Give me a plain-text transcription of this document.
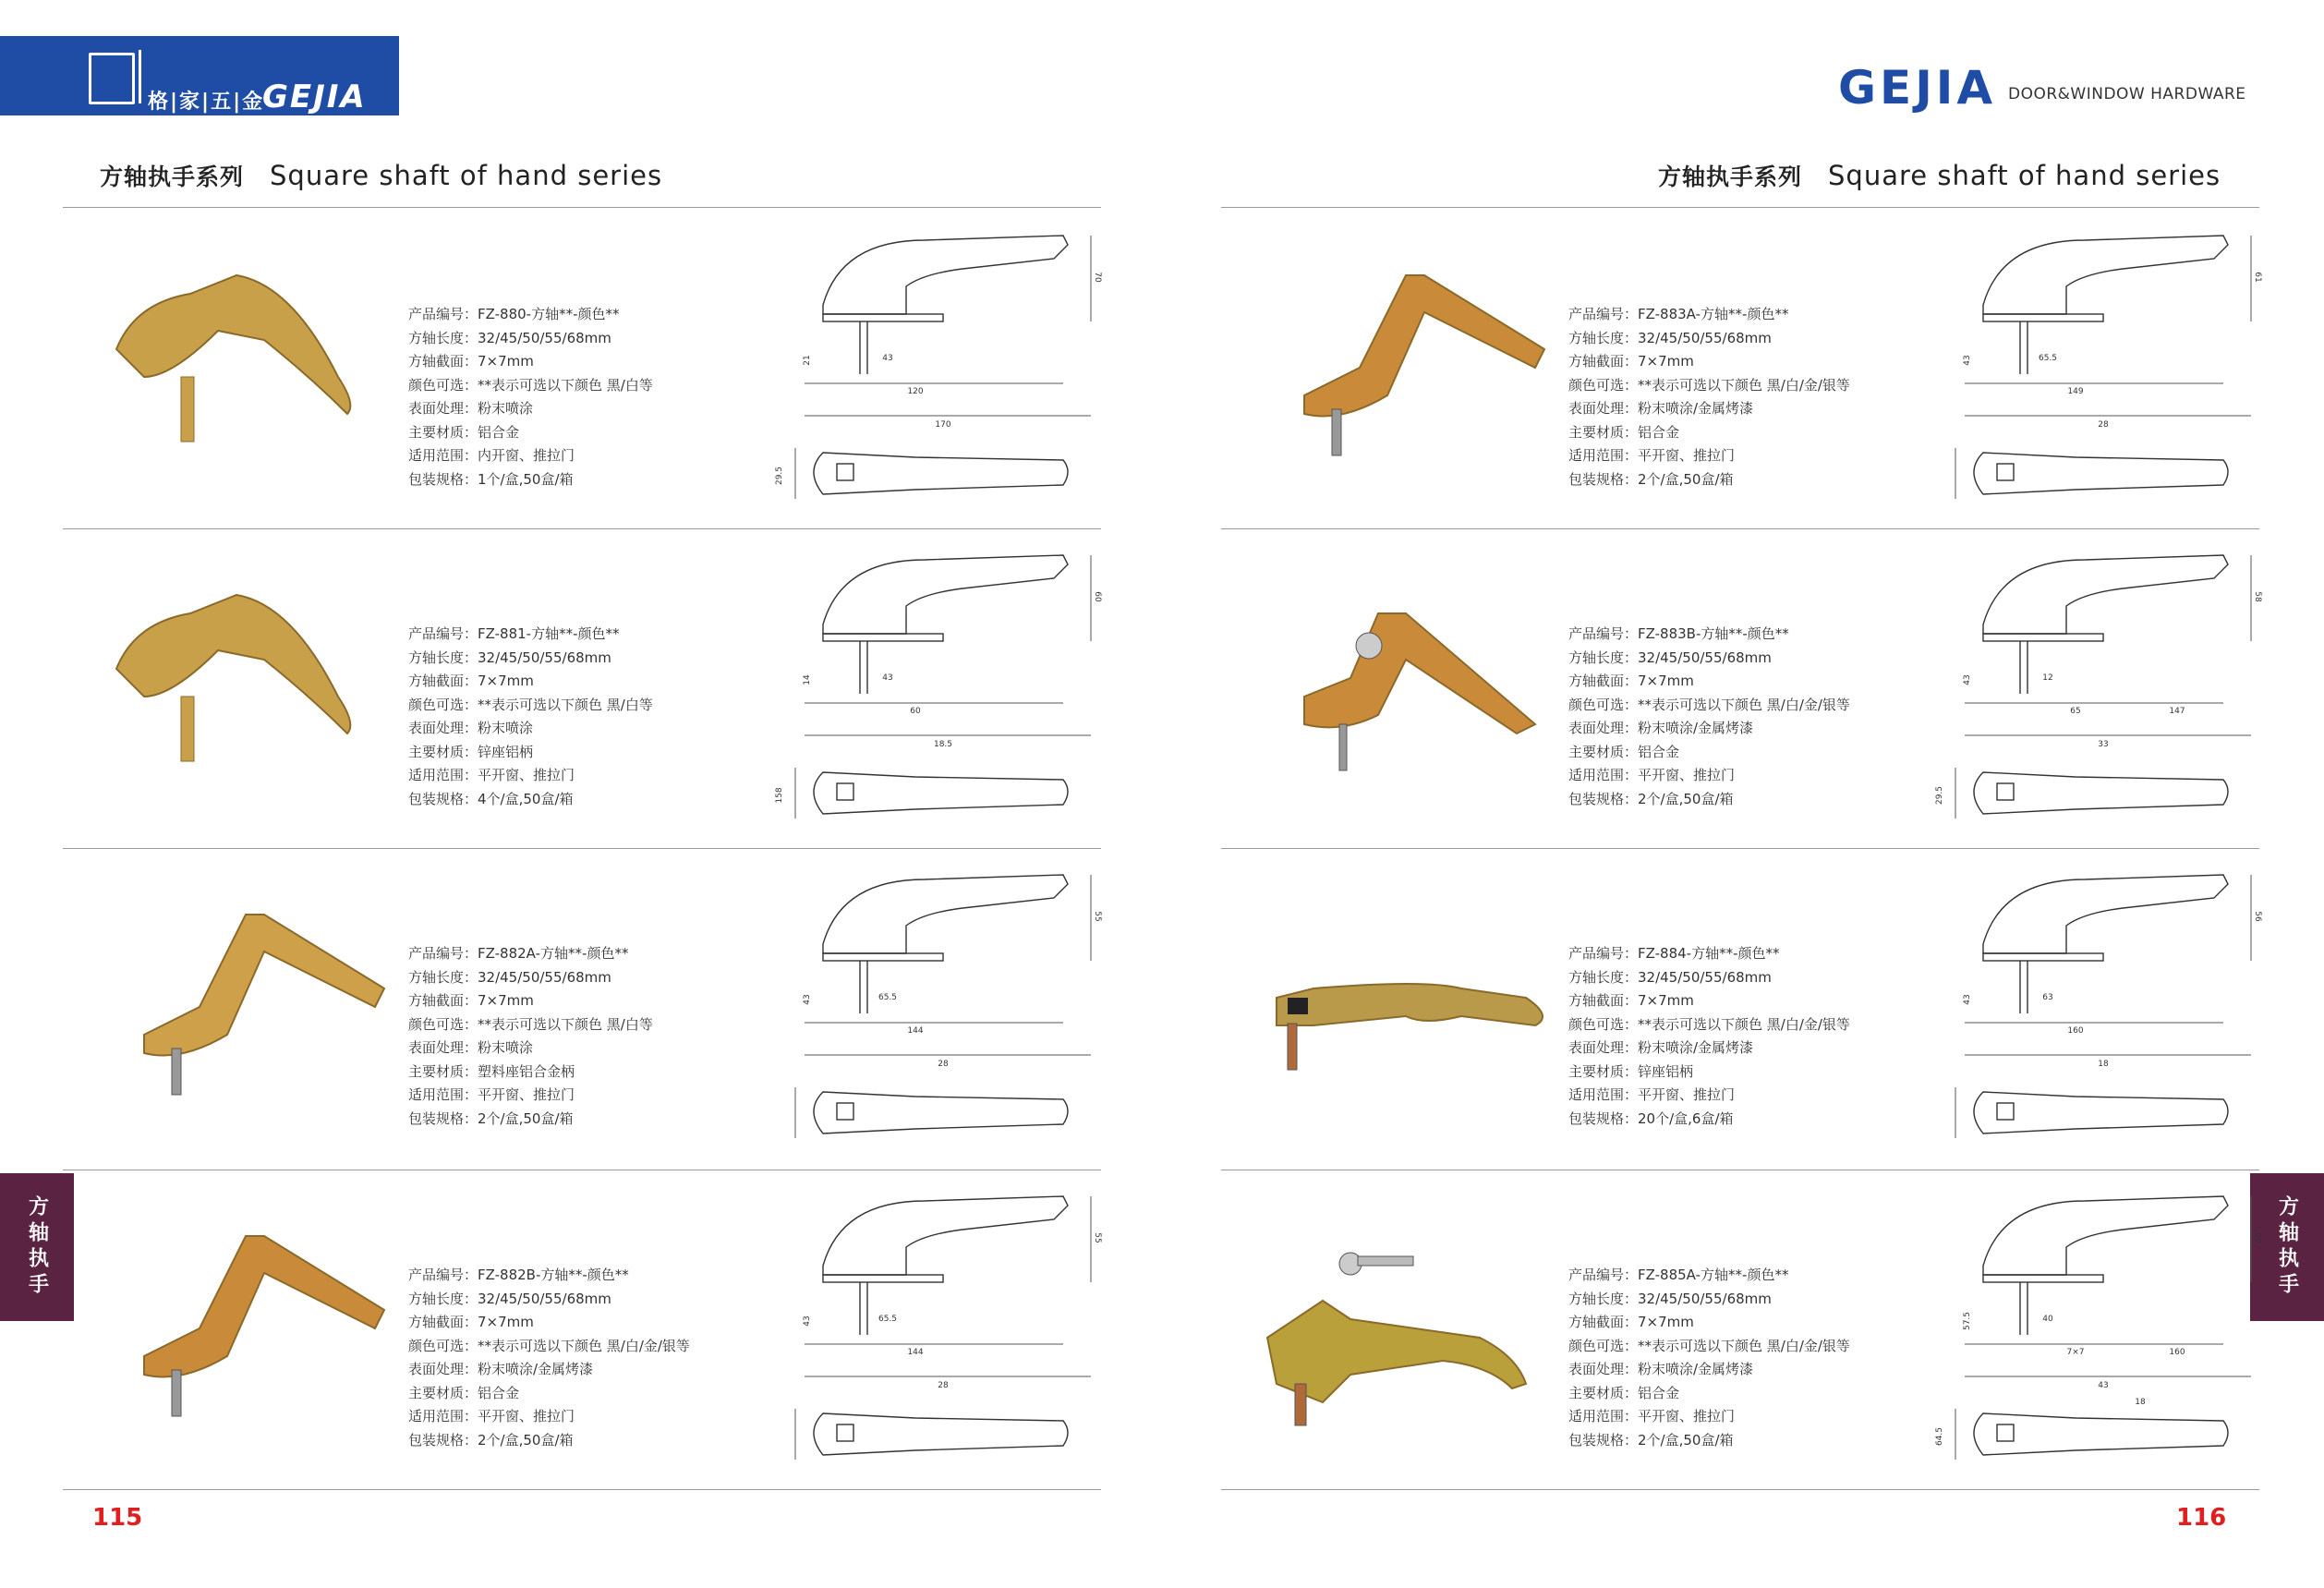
格|家|五|金
GEJIA	GEJIA DOOR&WINDOW HARDWARE
方轴执手系列 Square shaft of hand series	方轴执手系列 Square shaft of hand series
方轴执手	方轴执手
115	116
产品编号：FZ-880-方轴**-颜色**
方轴长度：32/45/50/55/68mm
方轴截面：7×7mm
颜色可选：**表示可选以下颜色 黑/白等
表面处理：粉末喷涂
主要材质：铝合金
适用范围：内开窗、推拉门
包装规格：1个/盒,50盒/箱
70
21	43
120
170
29.5
产品编号：FZ-881-方轴**-颜色**
方轴长度：32/45/50/55/68mm
方轴截面：7×7mm
颜色可选：**表示可选以下颜色 黑/白等
表面处理：粉末喷涂
主要材质：锌座铝柄
适用范围：平开窗、推拉门
包装规格：4个/盒,50盒/箱
60
14	43
60
18.5
158
产品编号：FZ-882A-方轴**-颜色**
方轴长度：32/45/50/55/68mm
方轴截面：7×7mm
颜色可选：**表示可选以下颜色 黑/白等
表面处理：粉末喷涂
主要材质：塑料座铝合金柄
适用范围：平开窗、推拉门
包装规格：2个/盒,50盒/箱
55
43	65.5
144
28
产品编号：FZ-882B-方轴**-颜色**
方轴长度：32/45/50/55/68mm
方轴截面：7×7mm
颜色可选：**表示可选以下颜色 黑/白/金/银等
表面处理：粉末喷涂/金属烤漆
主要材质：铝合金
适用范围：平开窗、推拉门
包装规格：2个/盒,50盒/箱
55
43	65.5
144
28
产品编号：FZ-883A-方轴**-颜色**
方轴长度：32/45/50/55/68mm
方轴截面：7×7mm
颜色可选：**表示可选以下颜色 黑/白/金/银等
表面处理：粉末喷涂/金属烤漆
主要材质：铝合金
适用范围：平开窗、推拉门
包装规格：2个/盒,50盒/箱
61
43	65.5
149
28
产品编号：FZ-883B-方轴**-颜色**
方轴长度：32/45/50/55/68mm
方轴截面：7×7mm
颜色可选：**表示可选以下颜色 黑/白/金/银等
表面处理：粉末喷涂/金属烤漆
主要材质：铝合金
适用范围：平开窗、推拉门
包装规格：2个/盒,50盒/箱
58
43	12
65
33
29.5
147
产品编号：FZ-884-方轴**-颜色**
方轴长度：32/45/50/55/68mm
方轴截面：7×7mm
颜色可选：**表示可选以下颜色 黑/白/金/银等
表面处理：粉末喷涂/金属烤漆
主要材质：锌座铝柄
适用范围：平开窗、推拉门
包装规格：20个/盒,6盒/箱
56
43	63
160
18
产品编号：FZ-885A-方轴**-颜色**
方轴长度：32/45/50/55/68mm
方轴截面：7×7mm
颜色可选：**表示可选以下颜色 黑/白/金/银等
表面处理：粉末喷涂/金属烤漆
主要材质：铝合金
适用范围：平开窗、推拉门
包装规格：2个/盒,50盒/箱
69
57.5	40
7×7
43
64.5
160
18
